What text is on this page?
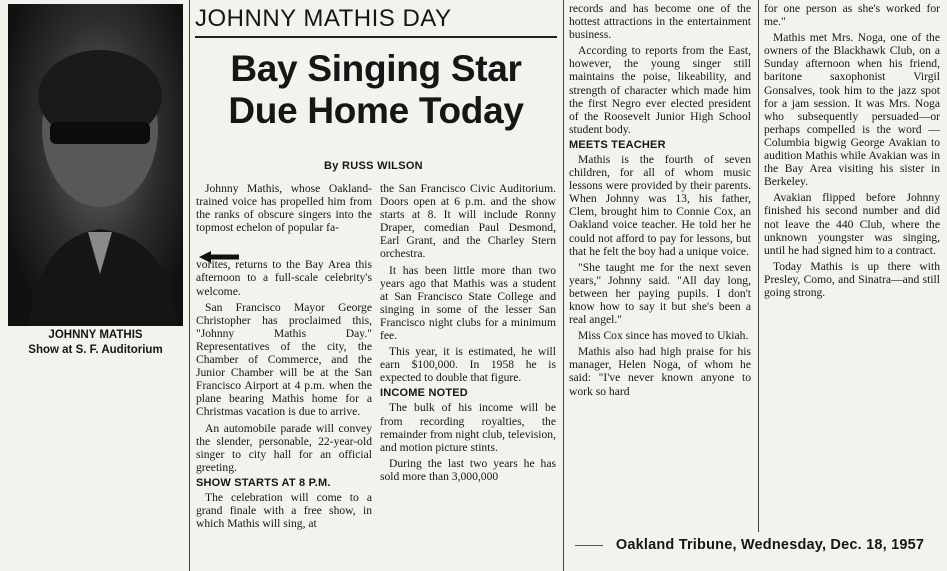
JOHNNY MATHIS
Show at S. F. Auditorium
JOHNNY MATHIS DAY
Bay Singing Star
Due Home Today
By RUSS WILSON

Johnny Mathis, whose Oakland-trained voice has propelled him from the ranks of obscure singers into the topmost echelon of popular fa-

vorites, returns to the Bay Area this afternoon to a full-scale celebrity's welcome.

San Francisco Mayor George Christopher has proclaimed this, "Johnny Mathis Day." Representatives of the city, the Chamber of Commerce, and the Junior Chamber will be at the San Francisco Airport at 4 p.m. when the plane bearing Mathis home for a Christmas vacation is due to arrive.

An automobile parade will convey the slender, personable, 22-year-old singer to city hall for an official greeting.

SHOW STARTS AT 8 P.M.

The celebration will come to a grand finale with a free show, in which Mathis will sing, at

the San Francisco Civic Auditorium. Doors open at 6 p.m. and the show starts at 8. It will include Ronny Draper, comedian Paul Desmond, Earl Grant, and the Charley Stern orchestra.

It has been little more than two years ago that Mathis was a student at San Francisco State College and singing in some of the lesser San Francisco night clubs for a minimum fee.

This year, it is estimated, he will earn $100,000. In 1958 he is expected to double that figure.

INCOME NOTED

The bulk of his income will be from recording royalties, the remainder from night club, television, and motion picture stints.

During the last two years he has sold more than 3,000,000

records and has become one of the hottest attractions in the entertainment business.

According to reports from the East, however, the young singer still maintains the poise, likeability, and strength of character which made him the first Negro ever elected president of the Roosevelt Junior High School student body.

MEETS TEACHER

Mathis is the fourth of seven children, for all of whom music lessons were provided by their parents. When Johnny was 13, his father, Clem, brought him to Connie Cox, an Oakland voice teacher. He told her he could not afford to pay for lessons, but that he felt the boy had a unique voice.

"She taught me for the next seven years," Johnny said. "All day long, between her paying pupils. I don't know how to say it but she's been a real angel."

Miss Cox since has moved to Ukiah.

Mathis also had high praise for his manager, Helen Noga, of whom he said: "I've never known anyone to work so hard

for one person as she's worked for me."

Mathis met Mrs. Noga, one of the owners of the Blackhawk Club, on a Sunday afternoon when his friend, baritone saxophonist Virgil Gonsalves, took him to the jazz spot for a jam session. It was Mrs. Noga who subsequently persuaded—or perhaps compelled is the word — Columbia bigwig George Avakian to audition Mathis while Avakian was in the Bay Area visiting his sister in Berkeley.

Avakian flipped before Johnny finished his second number and did not leave the 440 Club, where the unknown youngster was singing, until he had signed him to a contract.

Today Mathis is up there with Presley, Como, and Sinatra—and still going strong.

Oakland Tribune, Wednesday, Dec. 18, 1957
